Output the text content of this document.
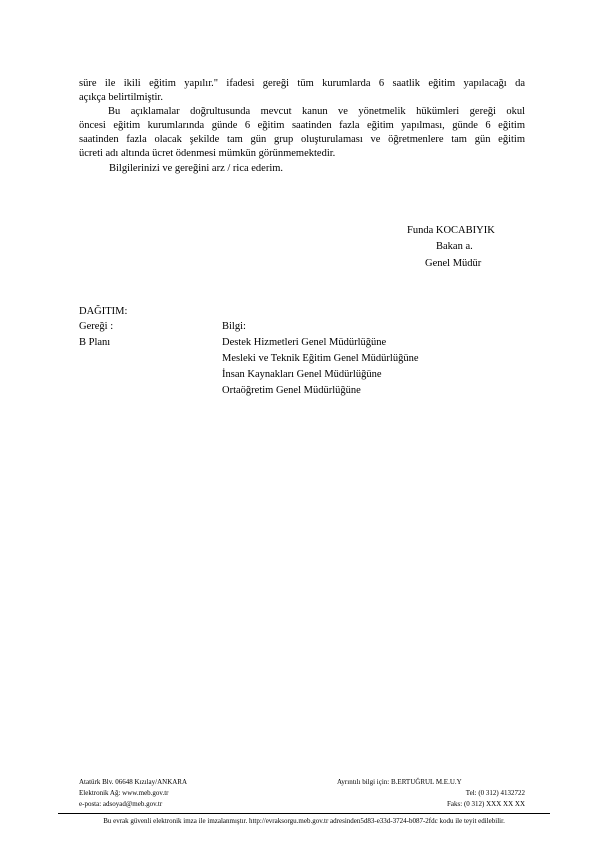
süre ile ikili eğitim yapılır." ifadesi gereği tüm kurumlarda 6 saatlik eğitim yapılacağı da
açıkça belirtilmiştir.
Bu açıklamalar doğrultusunda mevcut kanun ve yönetmelik hükümleri gereği okul
öncesi eğitim kurumlarında günde 6 eğitim saatinden fazla eğitim yapılması, günde 6 eğitim
saatinden fazla olacak şekilde tam gün grup oluşturulaması ve öğretmenlere tam gün eğitim
ücreti adı altında ücret ödenmesi mümkün görünmemektedir.
Bilgilerinizi ve gereğini arz / rica ederim.
Funda KOCABIYIK
Bakan a.
Genel Müdür
DAĞITIM:
Gereği :
B Planı
Bilgi:
Destek Hizmetleri Genel Müdürlüğüne
Mesleki ve Teknik Eğitim Genel Müdürlüğüne
İnsan Kaynakları Genel Müdürlüğüne
Ortaöğretim Genel Müdürlüğüne
Atatürk Blv. 06648 Kızılay/ANKARA
Elektronik Ağ: www.meb.gov.tr
e-posta: adsoyad@meb.gov.tr
Ayrıntılı bilgi için: B.ERTUĞRUL M.E.U.Y
Tel: (0 312) 4132722
Faks: (0 312) XXX XX XX
Bu evrak güvenli elektronik imza ile imzalanmıştır. http://evraksorgu.meb.gov.tr adresinden5d83-e33d-3724-b087-2fdc kodu ile teyit edilebilir.
